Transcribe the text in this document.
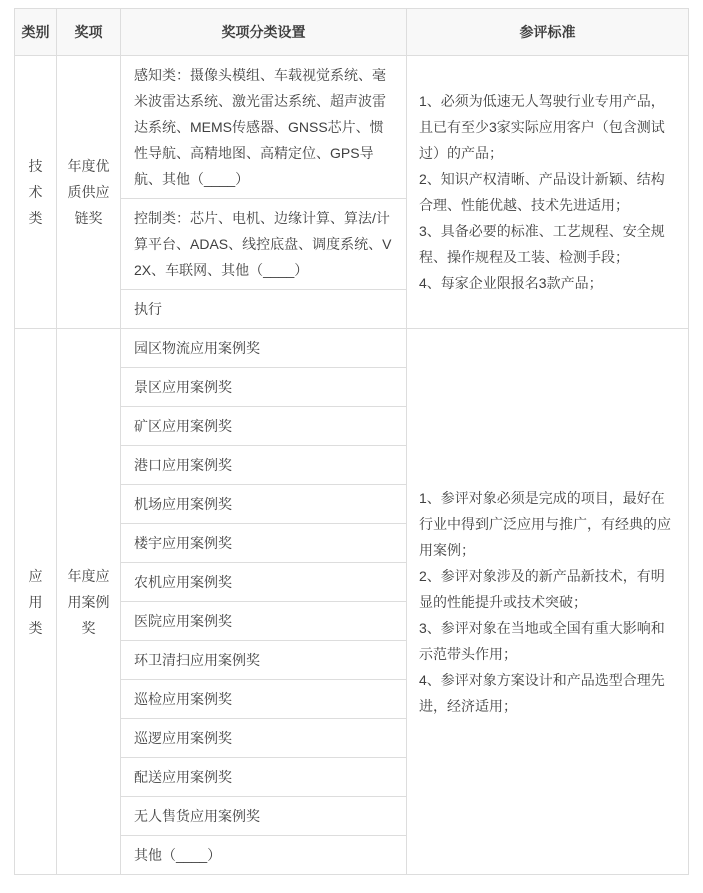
类别	奖项	奖项分类设置	参评标准
技术类	年度优质供应链奖	感知类：摄像头模组、车载视觉系统、毫米波雷达系统、激光雷达系统、超声波雷达系统、MEMS传感器、GNSS芯片、惯性导航、高精地图、高精定位、GPS导航、其他（____）	1、必须为低速无人驾驶行业专用产品，且已有至少3家实际应用客户（包含测试过）的产品；

2、知识产权清晰、产品设计新颖、结构合理、性能优越、技术先进适用；

3、具备必要的标准、工艺规程、安全规程、操作规程及工装、检测手段；

4、每家企业限报名3款产品；

		控制类：芯片、电机、边缘计算、算法/计算平台、ADAS、线控底盘、调度系统、V2X、车联网、其他（____）	
		执行	
应用类	年度应用案例奖	园区物流应用案例奖	1、参评对象必须是完成的项目，最好在行业中得到广泛应用与推广，有经典的应用案例；

2、参评对象涉及的新产品新技术，有明显的性能提升或技术突破；

3、参评对象在当地或全国有重大影响和示范带头作用；

4、参评对象方案设计和产品选型合理先进，经济适用；

		景区应用案例奖	
		矿区应用案例奖	
		港口应用案例奖	
		机场应用案例奖	
		楼宇应用案例奖	
		农机应用案例奖	
		医院应用案例奖	
		环卫清扫应用案例奖	
		巡检应用案例奖	
		巡逻应用案例奖	
		配送应用案例奖	
		无人售货应用案例奖	
		其他（____）	
